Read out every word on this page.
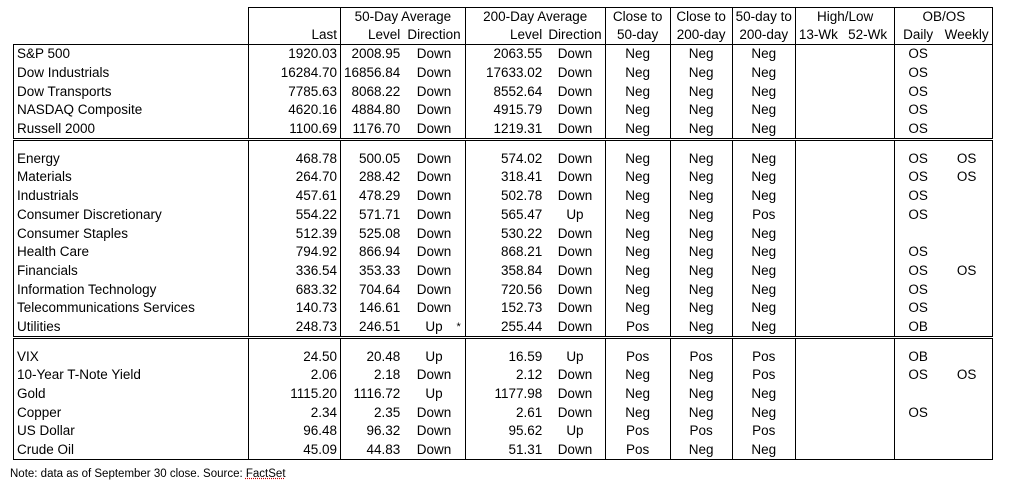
		50-Day Average		200-Day Average		Close to	Close to	50-day to	High/Low		OB/OS	
	Last	Level	Direction	Level	Direction	50-day	200-day	200-day	13-Wk	52-Wk	Daily	Weekly
S&P 500	1920.03	2008.95	Down	2063.55	Down	Neg	Neg	Neg			OS	
Dow Industrials	16284.70	16856.84	Down	17633.02	Down	Neg	Neg	Neg			OS	
Dow Transports	7785.63	8068.22	Down	8552.64	Down	Neg	Neg	Neg			OS	
NASDAQ Composite	4620.16	4884.80	Down	4915.79	Down	Neg	Neg	Neg			OS	
Russell 2000	1100.69	1176.70	Down	1219.31	Down	Neg	Neg	Neg			OS	
Energy	468.78	500.05	Down	574.02	Down	Neg	Neg	Neg			OS	OS
Materials	264.70	288.42	Down	318.41	Down	Neg	Neg	Neg			OS	OS
Industrials	457.61	478.29	Down	502.78	Down	Neg	Neg	Neg			OS	
Consumer Discretionary	554.22	571.71	Down	565.47	Up	Neg	Neg	Pos			OS	
Consumer Staples	512.39	525.08	Down	530.22	Down	Neg	Neg	Neg				
Health Care	794.92	866.94	Down	868.21	Down	Neg	Neg	Neg			OS	
Financials	336.54	353.33	Down	358.84	Down	Neg	Neg	Neg			OS	OS
Information Technology	683.32	704.64	Down	720.56	Down	Neg	Neg	Neg			OS	
Telecommunications Services	140.73	146.61	Down	152.73	Down	Neg	Neg	Neg			OS	
Utilities	248.73	246.51	Up *	255.44	Down	Pos	Neg	Neg			OB	
VIX	24.50	20.48	Up	16.59	Up	Pos	Pos	Pos			OB	
10-Year T-Note Yield	2.06	2.18	Down	2.12	Down	Neg	Neg	Pos			OS	OS
Gold	1115.20	1116.72	Up	1177.98	Down	Neg	Neg	Neg				
Copper	2.34	2.35	Down	2.61	Down	Neg	Neg	Neg			OS	
US Dollar	96.48	96.32	Down	95.62	Up	Pos	Pos	Pos				
Crude Oil	45.09	44.83	Down	51.31	Down	Pos	Neg	Neg				
Note: data as of September 30 close. Source: FactSet
